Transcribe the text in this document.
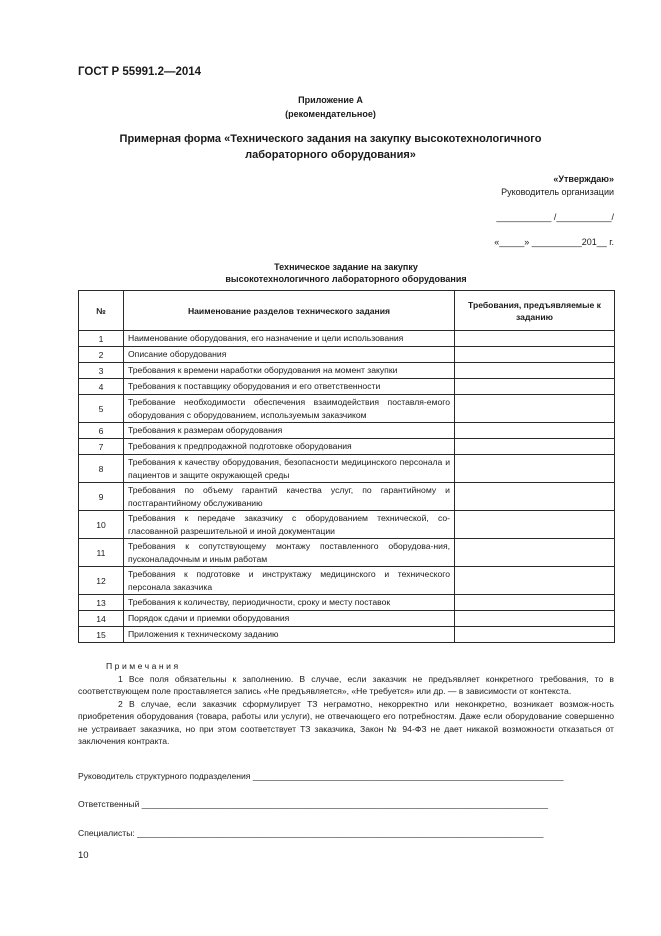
ГОСТ Р 55991.2—2014
Приложение А
(рекомендательное)
Примерная форма «Технического задания на закупку высокотехнологичного лабораторного оборудования»
«Утверждаю»
Руководитель организации
___________ /___________/
«_____» __________201__ г.
Техническое задание на закупку
высокотехнологичного лабораторного оборудования
№	Наименование разделов технического задания	Требования, предъявляемые к заданию
1	Наименование оборудования, его назначение и цели использования	
2	Описание оборудования	
3	Требования к времени наработки оборудования на момент закупки	
4	Требования к поставщику оборудования и его ответственности	
5	Требование необходимости обеспечения взаимодействия поставля-емого оборудования с оборудованием, используемым заказчиком	
6	Требования к размерам оборудования	
7	Требования к предпродажной подготовке оборудования	
8	Требования к качеству оборудования, безопасности медицинского персонала и пациентов и защите окружающей среды	
9	Требования по объему гарантий качества услуг, по гарантийному и постгарантийному обслуживанию	
10	Требования к передаче заказчику с оборудованием технической, со-гласованной разрешительной и иной документации	
11	Требования к сопутствующему монтажу поставленного оборудова-ния, пусконаладочным и иным работам	
12	Требования к подготовке и инструктажу медицинского и технического персонала заказчика	
13	Требования к количеству, периодичности, сроку и месту поставок	
14	Порядок сдачи и приемки оборудования	
15	Приложения к техническому заданию	
Примечания

1 Все поля обязательны к заполнению. В случае, если заказчик не предъявляет конкретного требования, то в соответствующем поле проставляется запись «Не предъявляется», «Не требуется» или др. — в зависимости от контекста.

2 В случае, если заказчик сформулирует ТЗ неграмотно, некорректно или неконкретно, возникает возмож-ность приобретения оборудования (товара, работы или услуги), не отвечающего его потребностям. Даже если оборудование совершенно не устраивает заказчика, но при этом соответствует ТЗ заказчика, Закон № 94-ФЗ не дает никакой возможности отказаться от заключения контракта.

Руководитель структурного подразделения _________________________________________________________________
Ответственный _____________________________________________________________________________________
Специалисты: _____________________________________________________________________________________
10
